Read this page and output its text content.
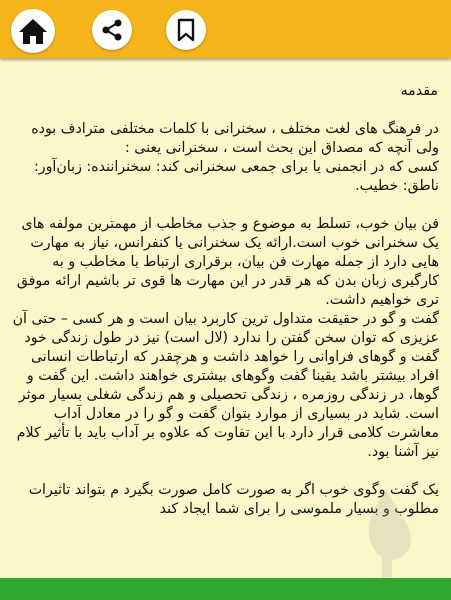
مقدمه

در فرهنگ های لغت مختلف ، سخنرانی با کلمات مختلفی مترادف بوده ولی آنچه که مصداق این بحث است ، سخنرانی یعنی :
کسی که در انجمنی یا برای جمعی سخنرانی کند: سخنراننده: زبان‌آور: ناطق: خطیب.

فن بیان خوب، تسلط به موضوع و جذب مخاطب از مهمترین مولفه های یک سخنرانی خوب است.ارائه یک سخنرانی یا کنفرانس، نیاز به مهارت هایی دارد از جمله مهارت فن بیان، برقراری ارتباط با مخاطب و به کارگیری زبان بدن که هر قدر در این مهارت ها قوی تر باشیم ارائه موفق تری خواهیم داشت.
گفت و گو در حقیقت متداول ترین کاربرد بیان است و هر کسی – حتی آن عزیزی که توان سخن گفتن را ندارد (لال است) نیز در طول زندگی خود گفت و گوهای فراوانی را خواهد داشت و هرچقدر که ارتباطات انسانی افراد بیشتر باشد یقینا گفت وگوهای بیشتری خواهند داشت. این گفت و گوها، در زندگی روزمره ، زندگی تحصیلی و هم زندگی شغلی بسیار موثر است. شاید در بسیاری از موارد بتوان گفت و گو را در معادل آداب معاشرت کلامی قرار دارد با این تفاوت که علاوه بر آداب باید با تأثیر کلام نیز آشنا بود.

یک گفت وگوی خوب اگر به صورت کامل صورت بگیرد م بتواند تاثیرات مطلوب و بسیار ملموسی را برای شما ایجاد کند
